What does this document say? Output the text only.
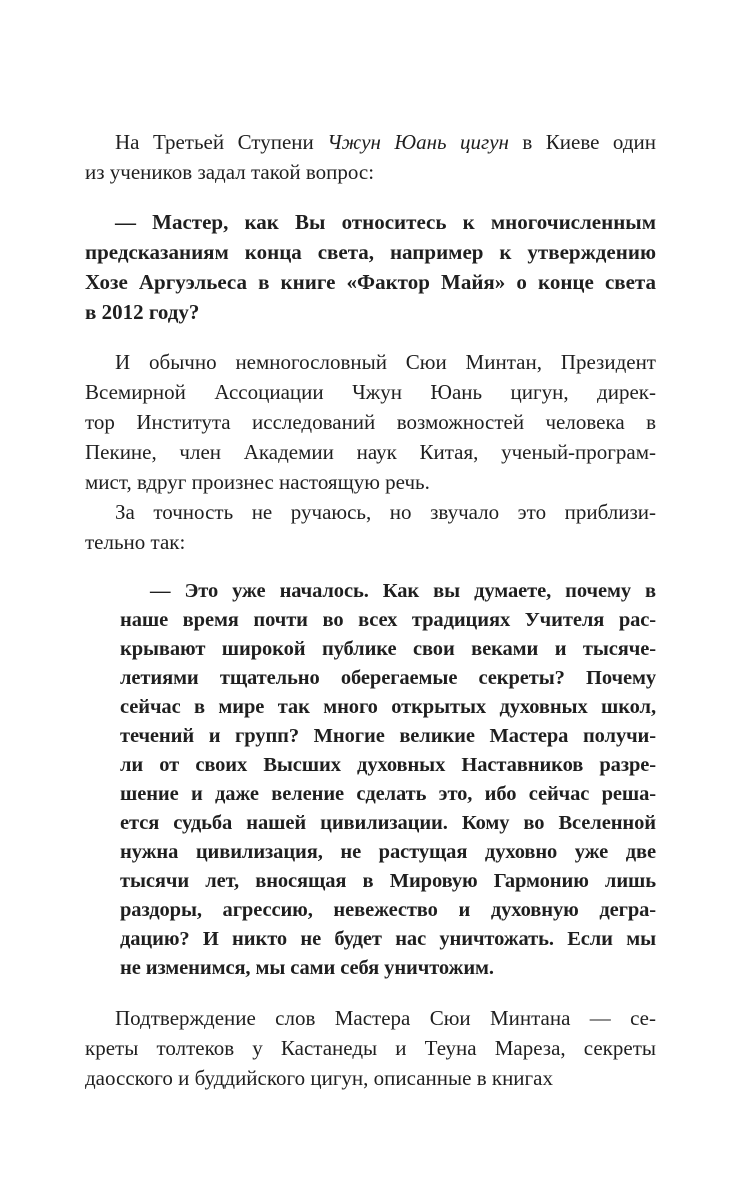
На Третьей Ступени Чжун Юань цигун в Киеве один
из учеников задал такой вопрос:

— Мастер, как Вы относитесь к многочисленным
предсказаниям конца света, например к утверждению
Хозе Аргуэльеса в книге «Фактор Майя» о конце света
в 2012 году?

И обычно немногословный Сюи Минтан, Президент
Всемирной Ассоциации Чжун Юань цигун, дирек-
тор Института исследований возможностей человека в
Пекине, член Академии наук Китая, ученый-програм-
мист, вдруг произнес настоящую речь.

За точность не ручаюсь, но звучало это приблизи-
тельно так:

— Это уже началось. Как вы думаете, почему в
наше время почти во всех традициях Учителя рас-
крывают широкой публике свои веками и тысяче-
летиями тщательно оберегаемые секреты? Почему
сейчас в мире так много открытых духовных школ,
течений и групп? Многие великие Мастера получи-
ли от своих Высших духовных Наставников разре-
шение и даже веление сделать это, ибо сейчас реша-
ется судьба нашей цивилизации. Кому во Вселенной
нужна цивилизация, не растущая духовно уже две
тысячи лет, вносящая в Мировую Гармонию лишь
раздоры, агрессию, невежество и духовную дегра-
дацию? И никто не будет нас уничтожать. Если мы
не изменимся, мы сами себя уничтожим.

Подтверждение слов Мастера Сюи Минтана — се-
креты толтеков у Кастанеды и Теуна Мареза, секреты
даосского и буддийского цигун, описанные в книгах
